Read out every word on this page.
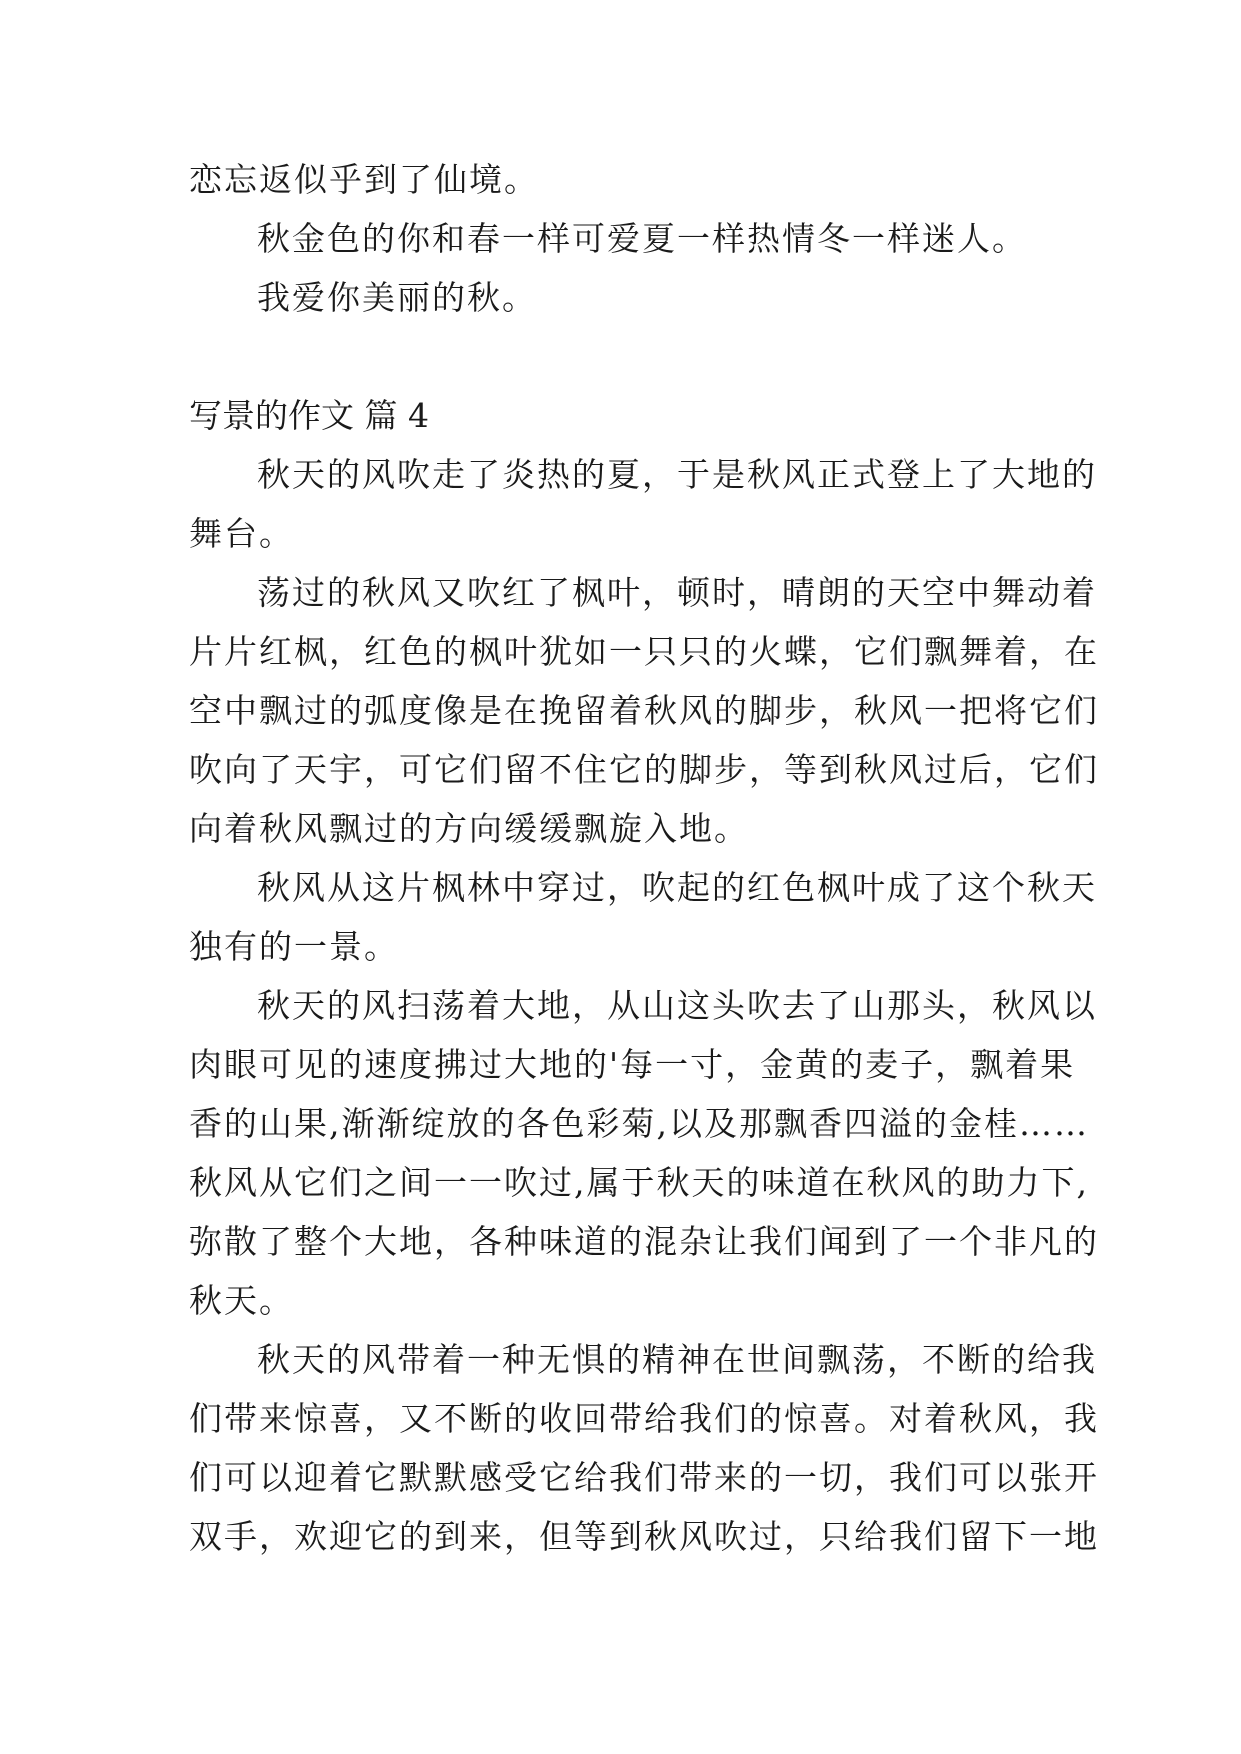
恋忘返似乎到了仙境。
秋金色的你和春一样可爱夏一样热情冬一样迷人。
我爱你美丽的秋。
写景的作文 篇 4
秋天的风吹走了炎热的夏，于是秋风正式登上了大地的
舞台。
荡过的秋风又吹红了枫叶，顿时，晴朗的天空中舞动着
片片红枫，红色的枫叶犹如一只只的火蝶，它们飘舞着，在
空中飘过的弧度像是在挽留着秋风的脚步，秋风一把将它们
吹向了天宇，可它们留不住它的脚步，等到秋风过后，它们
向着秋风飘过的方向缓缓飘旋入地。
秋风从这片枫林中穿过，吹起的红色枫叶成了这个秋天
独有的一景。
秋天的风扫荡着大地，从山这头吹去了山那头，秋风以
肉眼可见的速度拂过大地的'每一寸，金黄的麦子，飘着果
香的山果,渐渐绽放的各色彩菊,以及那飘香四溢的金桂……
秋风从它们之间一一吹过,属于秋天的味道在秋风的助力下,
弥散了整个大地，各种味道的混杂让我们闻到了一个非凡的
秋天。
秋天的风带着一种无惧的精神在世间飘荡，不断的给我
们带来惊喜，又不断的收回带给我们的惊喜。对着秋风，我
们可以迎着它默默感受它给我们带来的一切，我们可以张开
双手，欢迎它的到来，但等到秋风吹过，只给我们留下一地
